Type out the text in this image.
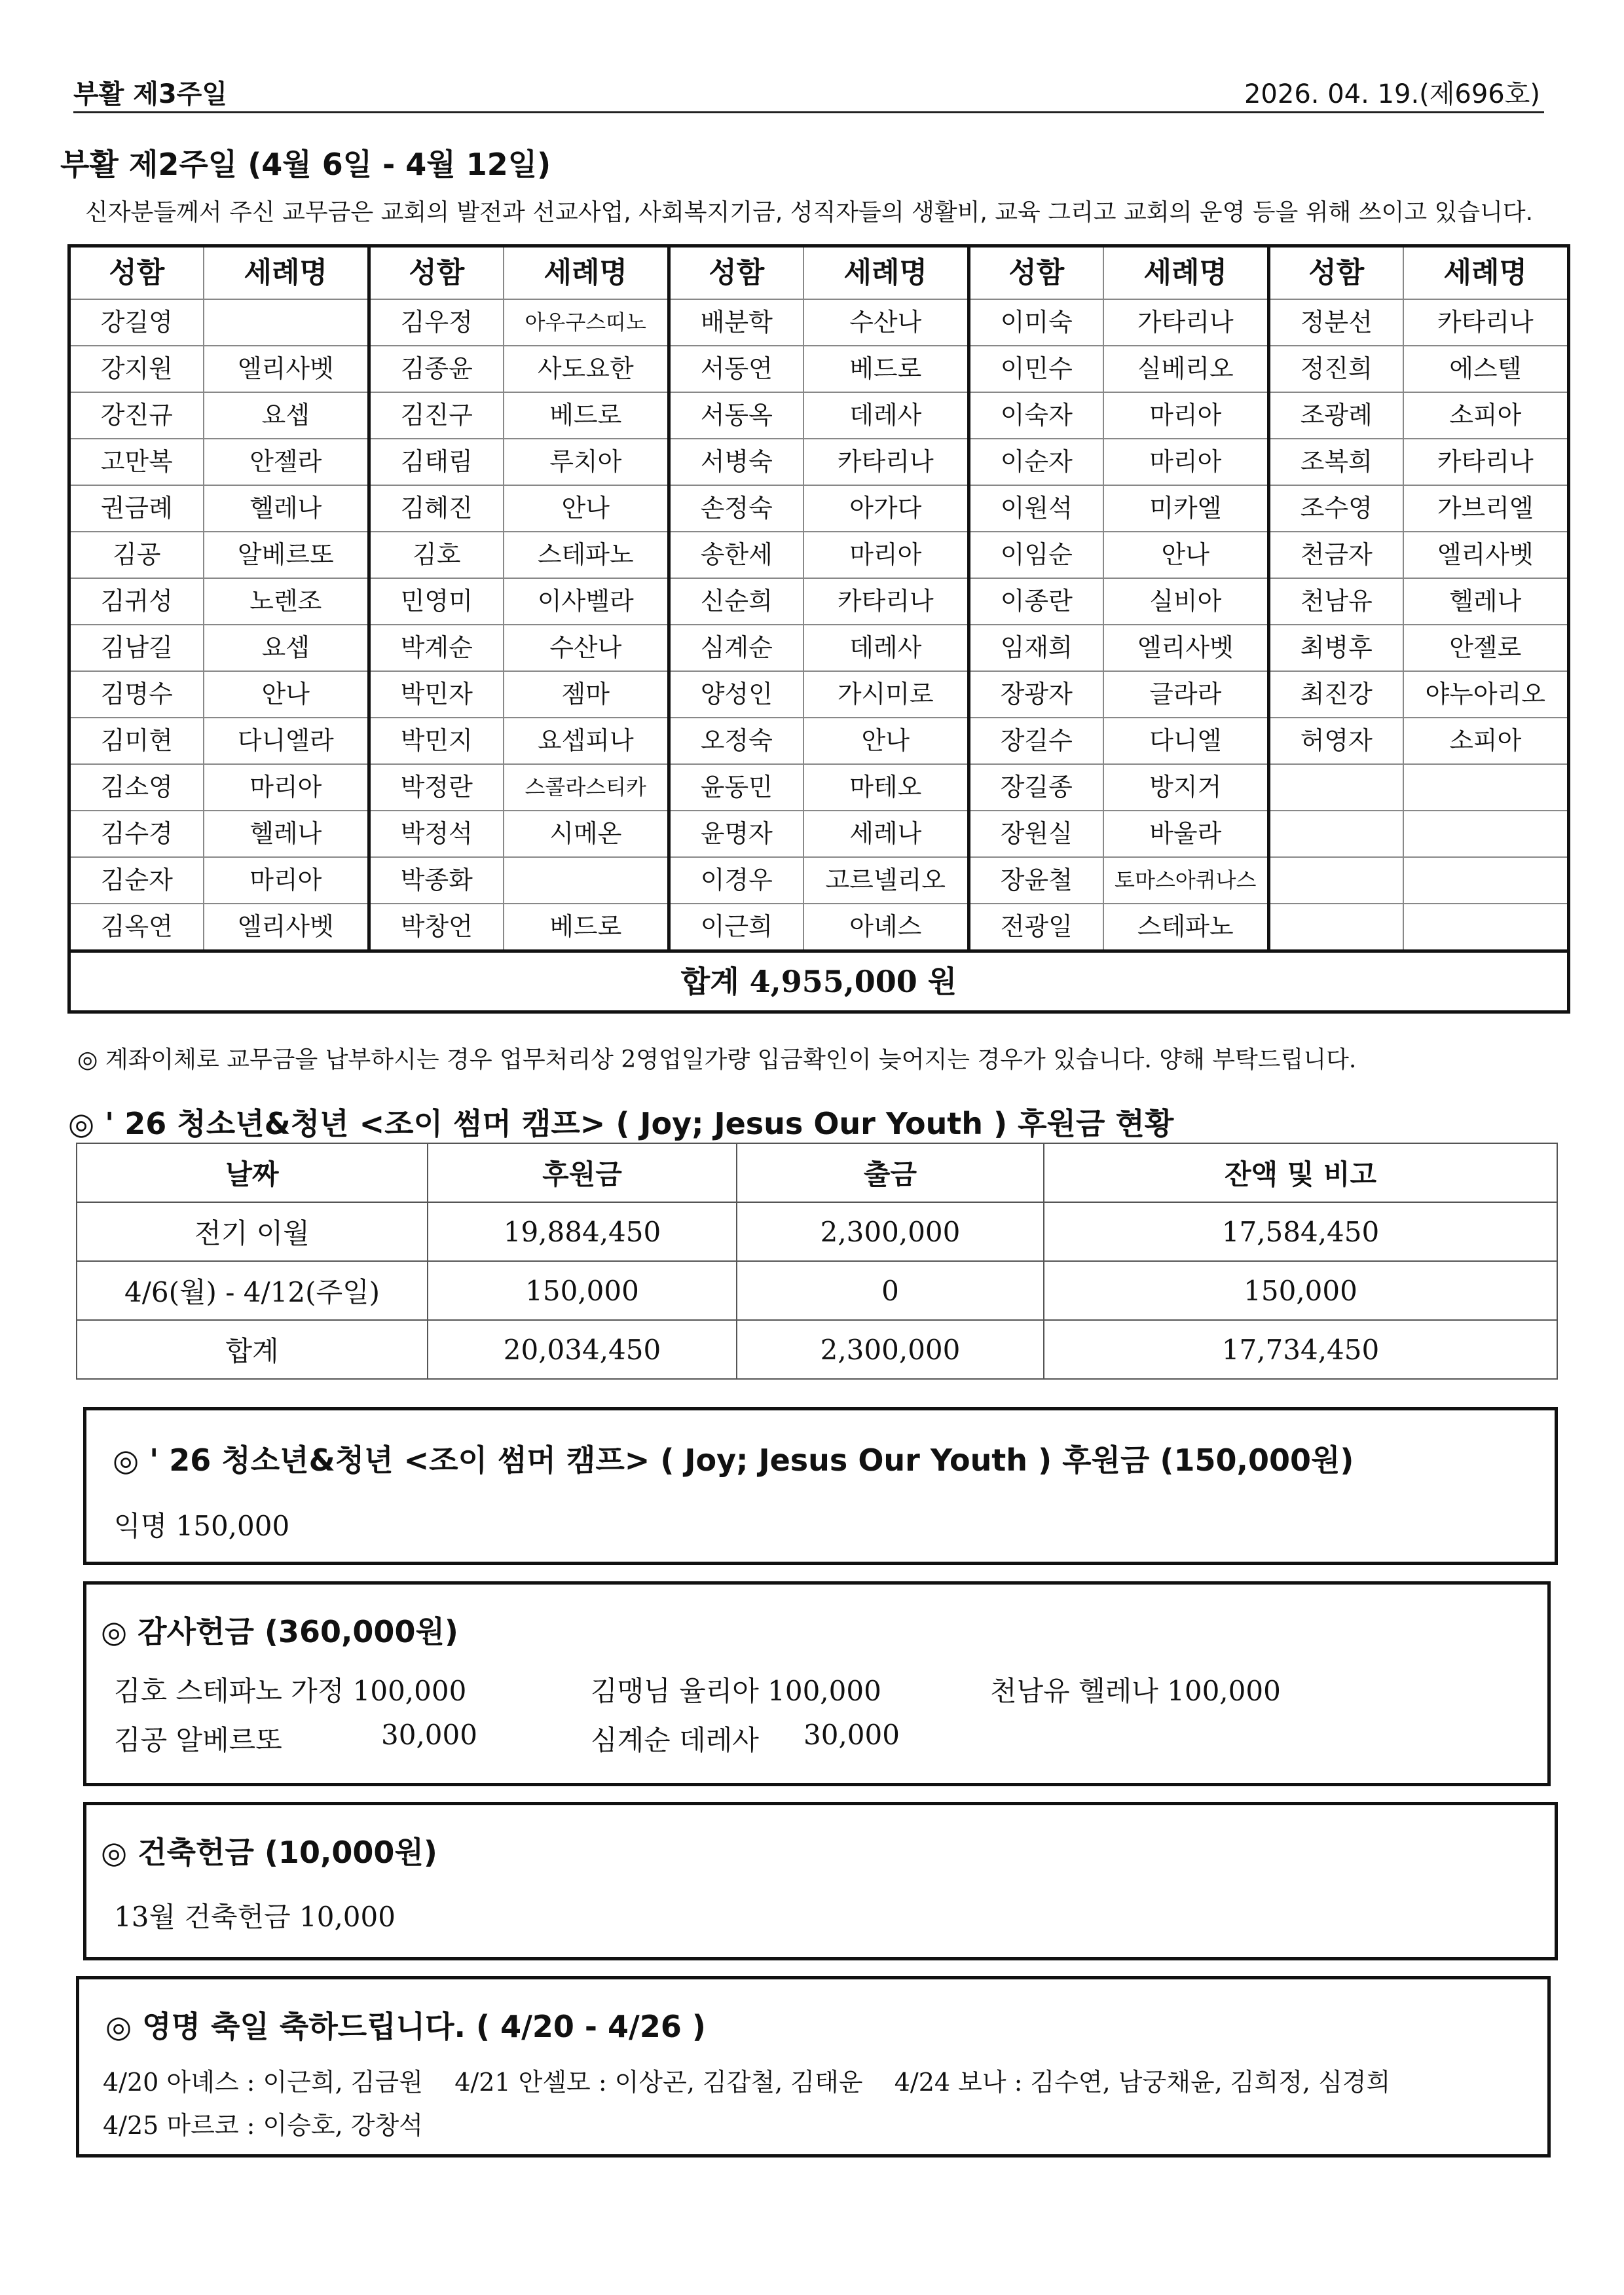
부활 제3주일	2026. 04. 19.(제696호)
부활 제2주일 (4월 6일 - 4월 12일)
신자분들께서 주신 교무금은 교회의 발전과 선교사업, 사회복지기금, 성직자들의 생활비, 교육 그리고 교회의 운영 등을 위해 쓰이고 있습니다.
성함	세례명	성함	세례명	성함	세례명	성함	세례명	성함	세례명
강길영		김우정	아우구스띠노	배분학	수산나	이미숙	가타리나	정분선	카타리나
강지원	엘리사벳	김종윤	사도요한	서동연	베드로	이민수	실베리오	정진희	에스텔
강진규	요셉	김진구	베드로	서동옥	데레사	이숙자	마리아	조광례	소피아
고만복	안젤라	김태림	루치아	서병숙	카타리나	이순자	마리아	조복희	카타리나
권금례	헬레나	김혜진	안나	손정숙	아가다	이원석	미카엘	조수영	가브리엘
김공	알베르또	김호	스테파노	송한세	마리아	이임순	안나	천금자	엘리사벳
김귀성	노렌조	민영미	이사벨라	신순희	카타리나	이종란	실비아	천남유	헬레나
김남길	요셉	박계순	수산나	심계순	데레사	임재희	엘리사벳	최병후	안젤로
김명수	안나	박민자	젬마	양성인	가시미로	장광자	글라라	최진강	야누아리오
김미현	다니엘라	박민지	요셉피나	오정숙	안나	장길수	다니엘	허영자	소피아
김소영	마리아	박정란	스콜라스티카	윤동민	마테오	장길종	방지거		
김수경	헬레나	박정석	시메온	윤명자	세레나	장원실	바울라		
김순자	마리아	박종화		이경우	고르넬리오	장윤철	토마스아퀴나스		
김옥연	엘리사벳	박창언	베드로	이근희	아녜스	전광일	스테파노		
합계 4,955,000 원									
◎ 계좌이체로 교무금을 납부하시는 경우 업무처리상 2영업일가량 입금확인이 늦어지는 경우가 있습니다. 양해 부탁드립니다.
◎ ' 26 청소년&청년 <조이 썸머 캠프> ( Joy; Jesus Our Youth ) 후원금 현황
날짜	후원금	출금	잔액 및 비고
전기 이월	19,884,450	2,300,000	17,584,450
4/6(월) - 4/12(주일)	150,000	0	150,000
합계	20,034,450	2,300,000	17,734,450
◎ ' 26 청소년&청년 <조이 썸머 캠프> ( Joy; Jesus Our Youth ) 후원금 (150,000원)
익명 150,000
◎ 감사헌금 (360,000원)
김호 스테파노 가정 100,000	김맹님 율리아 100,000	천남유 헬레나 100,000
김공 알베르또	30,000	심계순 데레사 30,000
◎ 건축헌금 (10,000원)
13월 건축헌금 10,000
◎ 영명 축일 축하드립니다. ( 4/20 - 4/26 )
4/20 아녜스 : 이근희, 김금원    4/21 안셀모 : 이상곤, 김갑철, 김태운    4/24 보나 : 김수연, 남궁채윤, 김희정, 심경희
4/25 마르코 : 이승호, 강창석
